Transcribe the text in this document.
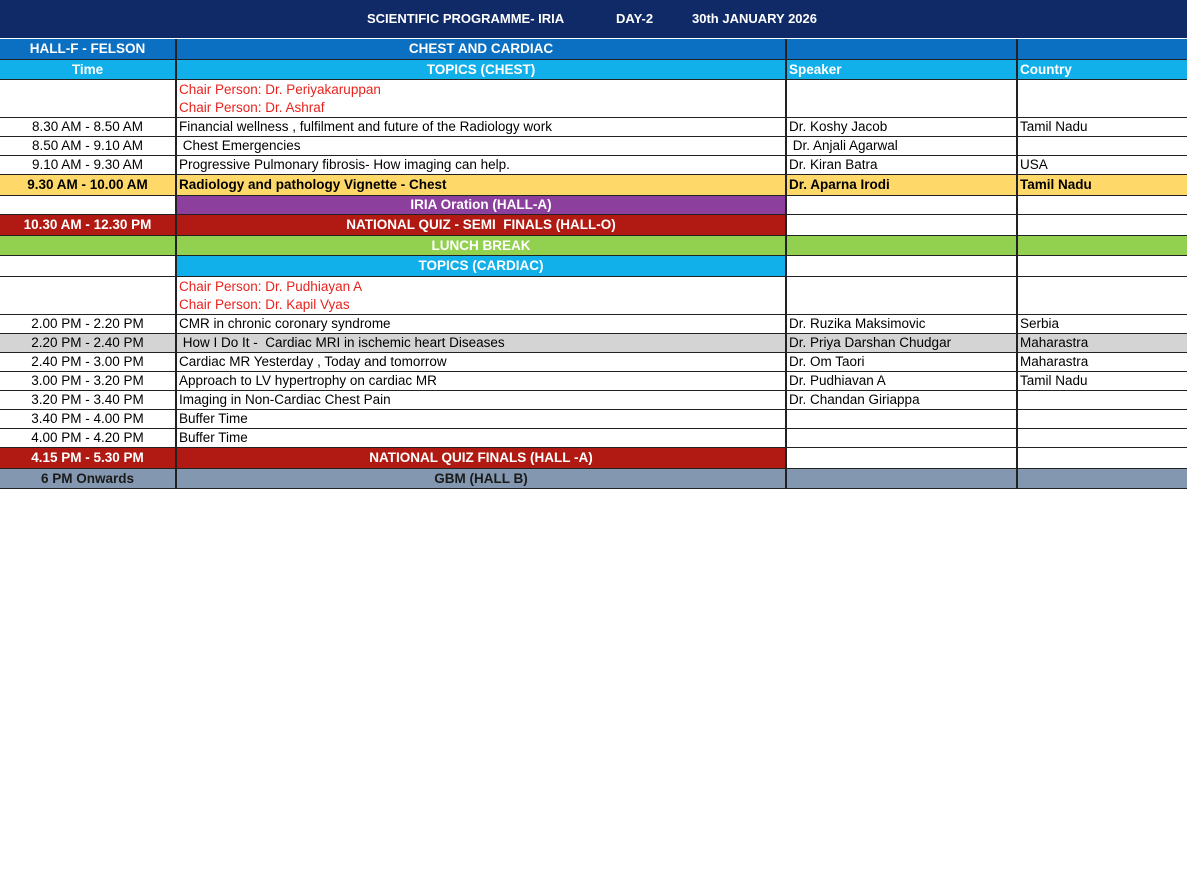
SCIENTIFIC PROGRAMME- IRIA	DAY-2	30th JANUARY 2026
HALL-F - FELSON	CHEST AND CARDIAC
Time	TOPICS (CHEST)	Speaker	Country
Chair Person: Dr. Periyakaruppan
Chair Person: Dr. Ashraf
8.30 AM - 8.50 AM	Financial wellness , fulfilment and future of the Radiology work	Dr. Koshy Jacob	Tamil Nadu
8.50 AM - 9.10 AM	Chest Emergencies	Dr. Anjali Agarwal
9.10 AM - 9.30 AM	Progressive Pulmonary fibrosis- How imaging can help.	Dr. Kiran Batra	USA
9.30 AM - 10.00 AM	Radiology and pathology Vignette - Chest	Dr. Aparna Irodi	Tamil Nadu
IRIA Oration (HALL-A)
10.30 AM - 12.30 PM	NATIONAL QUIZ - SEMI  FINALS (HALL-O)
LUNCH BREAK
TOPICS (CARDIAC)
Chair Person: Dr. Pudhiayan A
Chair Person: Dr. Kapil Vyas
2.00 PM - 2.20 PM	CMR in chronic coronary syndrome	Dr. Ruzika Maksimovic	Serbia
2.20 PM - 2.40 PM	How I Do It -  Cardiac MRI in ischemic heart Diseases	Dr. Priya Darshan Chudgar	Maharastra
2.40 PM - 3.00 PM	Cardiac MR Yesterday , Today and tomorrow	Dr. Om Taori	Maharastra
3.00 PM - 3.20 PM	Approach to LV hypertrophy on cardiac MR	Dr. Pudhiavan A	Tamil Nadu
3.20 PM - 3.40 PM	Imaging in Non-Cardiac Chest Pain	Dr. Chandan Giriappa
3.40 PM - 4.00 PM	Buffer Time
4.00 PM - 4.20 PM	Buffer Time
4.15 PM - 5.30 PM	NATIONAL QUIZ FINALS (HALL -A)
6 PM Onwards	GBM (HALL B)
